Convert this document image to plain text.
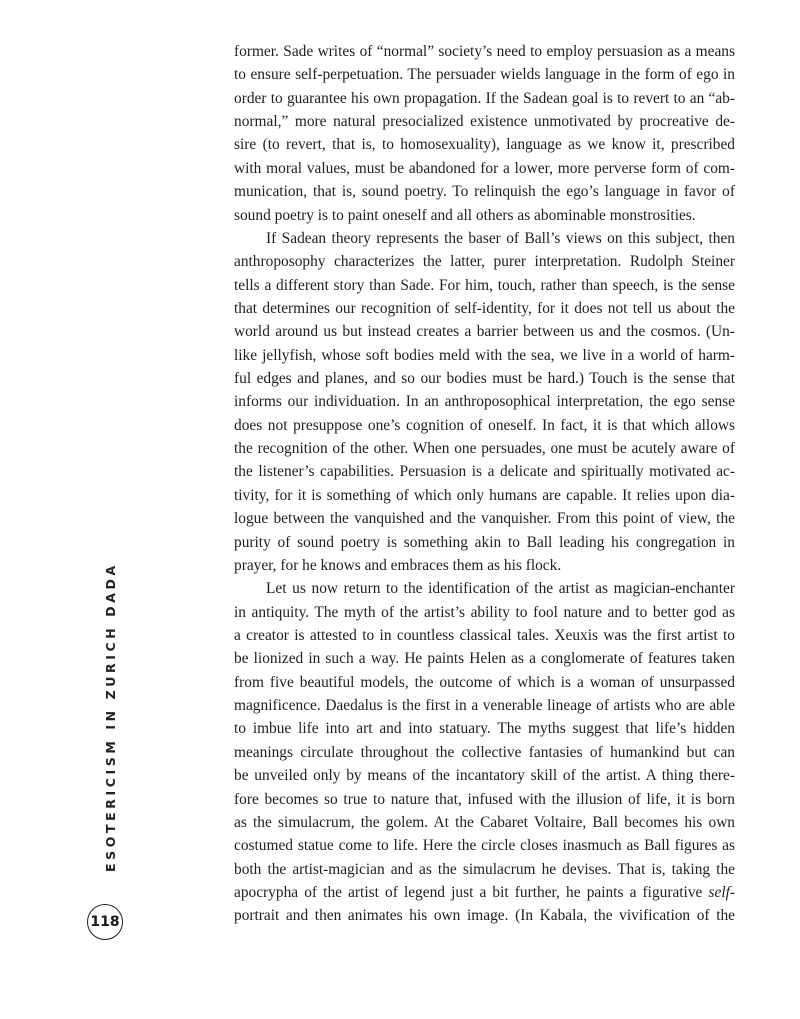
former. Sade writes of “normal” society’s need to employ persuasion as a means
to ensure self-perpetuation. The persuader wields language in the form of ego in
order to guarantee his own propagation. If the Sadean goal is to revert to an “ab-
normal,” more natural presocialized existence unmotivated by procreative de-
sire (to revert, that is, to homosexuality), language as we know it, prescribed
with moral values, must be abandoned for a lower, more perverse form of com-
munication, that is, sound poetry. To relinquish the ego’s language in favor of
sound poetry is to paint oneself and all others as abominable monstrosities.
If Sadean theory represents the baser of Ball’s views on this subject, then
anthroposophy characterizes the latter, purer interpretation. Rudolph Steiner
tells a different story than Sade. For him, touch, rather than speech, is the sense
that determines our recognition of self-identity, for it does not tell us about the
world around us but instead creates a barrier between us and the cosmos. (Un-
like jellyfish, whose soft bodies meld with the sea, we live in a world of harm-
ful edges and planes, and so our bodies must be hard.) Touch is the sense that
informs our individuation. In an anthroposophical interpretation, the ego sense
does not presuppose one’s cognition of oneself. In fact, it is that which allows
the recognition of the other. When one persuades, one must be acutely aware of
the listener’s capabilities. Persuasion is a delicate and spiritually motivated ac-
tivity, for it is something of which only humans are capable. It relies upon dia-
logue between the vanquished and the vanquisher. From this point of view, the
purity of sound poetry is something akin to Ball leading his congregation in
prayer, for he knows and embraces them as his flock.
Let us now return to the identification of the artist as magician-enchanter
in antiquity. The myth of the artist’s ability to fool nature and to better god as
a creator is attested to in countless classical tales. Xeuxis was the first artist to
be lionized in such a way. He paints Helen as a conglomerate of features taken
from five beautiful models, the outcome of which is a woman of unsurpassed
magnificence. Daedalus is the first in a venerable lineage of artists who are able
to imbue life into art and into statuary. The myths suggest that life’s hidden
meanings circulate throughout the collective fantasies of humankind but can
be unveiled only by means of the incantatory skill of the artist. A thing there-
fore becomes so true to nature that, infused with the illusion of life, it is born
as the simulacrum, the golem. At the Cabaret Voltaire, Ball becomes his own
costumed statue come to life. Here the circle closes inasmuch as Ball figures as
both the artist-magician and as the simulacrum he devises. That is, taking the
apocrypha of the artist of legend just a bit further, he paints a figurative self-
portrait and then animates his own image. (In Kabala, the vivification of the
ESOTERICISM IN ZURICH DADA
118
